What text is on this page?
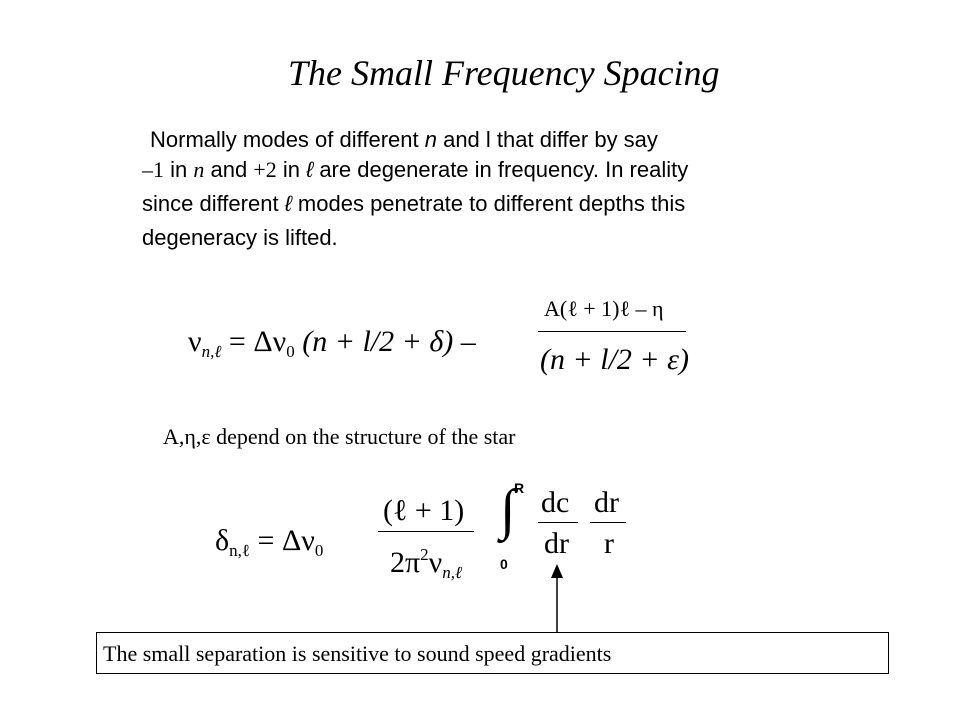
The Small Frequency Spacing
Normally modes of different n and l that differ by say
–1 in n and +2 in ℓ are degenerate in frequency. In reality
since different ℓ modes penetrate to different depths this
degeneracy is lifted.
$\nu_{n,\ell} = \Delta\nu_0$ (n + l/2 + δ) –
A(ℓ + 1)ℓ – η
(n + l/2 + ε)
A,η,ε depend on the structure of the star
$\delta_{n,\ell} = \Delta\nu_0$
(ℓ + 1)
$2\pi^2\nu_{n,\ell}$
∫
R
0
dc
dr
dr
r
The small separation is sensitive to sound speed gradients
